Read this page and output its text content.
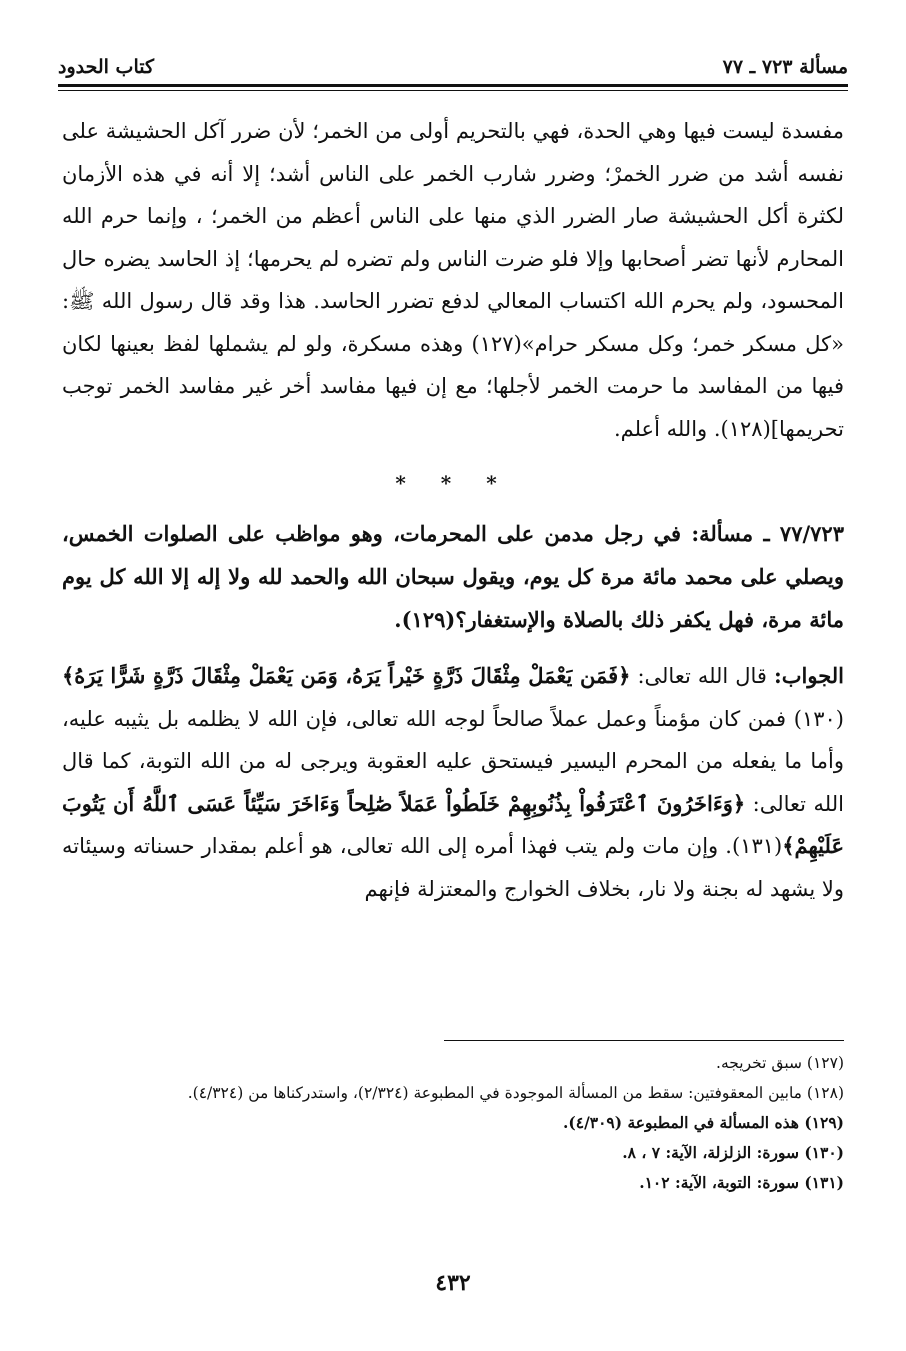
مسألة ٧٢٣ ـ ٧٧
كتاب الحدود

مفسدة ليست فيها وهي الحدة، فهي بالتحريم أولى من الخمر؛ لأن ضرر آكل الحشيشة على نفسه أشد من ضرر الخمرْ؛ وضرر شارب الخمر على الناس أشد؛ إلا أنه في هذه الأزمان لكثرة أكل الحشيشة صار الضرر الذي منها على الناس أعظم من الخمر؛ ، وإنما حرم الله المحارم لأنها تضر أصحابها وإلا فلو ضرت الناس ولم تضره لم يحرمها؛ إذ الحاسد يضره حال المحسود، ولم يحرم الله اكتساب المعالي لدفع تضرر الحاسد. هذا وقد قال رسول الله ﷺ: «كل مسكر خمر؛ وكل مسكر حرام»(١٢٧) وهذه مسكرة، ولو لم يشملها لفظ بعينها لكان فيها من المفاسد ما حرمت الخمر لأجلها؛ مع إن فيها مفاسد أخر غير مفاسد الخمر توجب تحريمها](١٢٨). والله أعلم.

* * *

٧٧/٧٢٣ ـ مسألة: في رجل مدمن على المحرمات، وهو مواظب على الصلوات الخمس، ويصلي على محمد مائة مرة كل يوم، ويقول سبحان الله والحمد لله ولا إله إلا الله كل يوم مائة مرة، فهل يكفر ذلك بالصلاة والإستغفار؟(١٢٩).

الجواب: قال الله تعالى: ﴿فَمَن يَعْمَلْ مِثْقَالَ ذَرَّةٍ خَيْراً يَرَهُ، وَمَن يَعْمَلْ مِثْقَالَ ذَرَّةٍ شَرًّا يَرَهُ﴾(١٣٠) فمن كان مؤمناً وعمل عملاً صالحاً لوجه الله تعالى، فإن الله لا يظلمه بل يثيبه عليه، وأما ما يفعله من المحرم اليسير فيستحق عليه العقوبة ويرجى له من الله التوبة، كما قال الله تعالى: ﴿وَءَاخَرُونَ ٱعْتَرَفُواْ بِذُنُوبِهِمْ خَلَطُواْ عَمَلاً صَٰلِحاً وَءَاخَرَ سَيِّئاً عَسَى ٱللَّهُ أَن يَتُوبَ عَلَيْهِمْ﴾(١٣١). وإن مات ولم يتب فهذا أمره إلى الله تعالى، هو أعلم بمقدار حسناته وسيئاته ولا يشهد له بجنة ولا نار، بخلاف الخوارج والمعتزلة فإنهم

(١٢٧) سبق تخريجه.

(١٢٨) مابين المعقوفتين: سقط من المسألة الموجودة في المطبوعة (٢/٣٢٤)، واستدركناها من (٤/٣٢٤).

(١٢٩) هذه المسألة في المطبوعة (٤/٣٠٩).

(١٣٠) سورة: الزلزلة، الآية: ٧ ، ٨.

(١٣١) سورة: التوبة، الآية: ١٠٢.

٤٣٢
